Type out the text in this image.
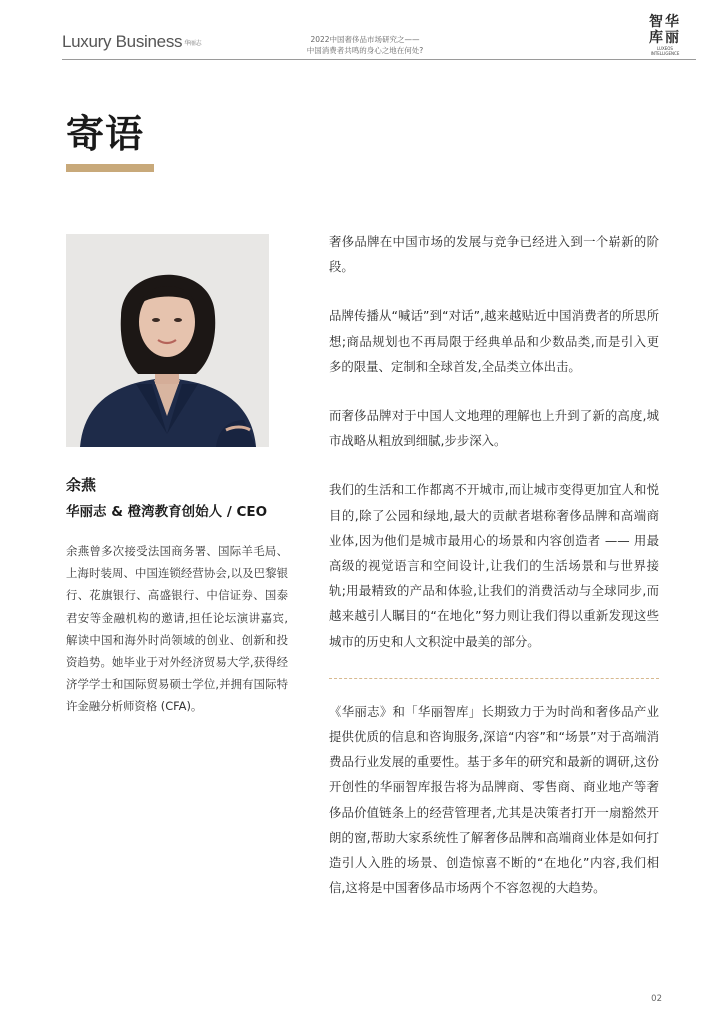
Luxury Business 华丽志
2022中国奢侈品市场研究之——
中国消费者共鸣的身心之地在何处?
智华
库丽
LUXEOS INTELLIGENCE
寄语
余燕
华丽志 & 橙湾教育创始人 / CEO
余燕曾多次接受法国商务署、国际羊毛局、上海时装周、中国连锁经营协会,以及巴黎银行、花旗银行、高盛银行、中信证券、国泰君安等金融机构的邀请,担任论坛演讲嘉宾,解读中国和海外时尚领域的创业、创新和投资趋势。她毕业于对外经济贸易大学,获得经济学学士和国际贸易硕士学位,并拥有国际特许金融分析师资格 (CFA)。

奢侈品牌在中国市场的发展与竞争已经进入到一个崭新的阶段。

品牌传播从“喊话”到“对话”,越来越贴近中国消费者的所思所想;商品规划也不再局限于经典单品和少数品类,而是引入更多的限量、定制和全球首发,全品类立体出击。

而奢侈品牌对于中国人文地理的理解也上升到了新的高度,城市战略从粗放到细腻,步步深入。

我们的生活和工作都离不开城市,而让城市变得更加宜人和悦目的,除了公园和绿地,最大的贡献者堪称奢侈品牌和高端商业体,因为他们是城市最用心的场景和内容创造者 —— 用最高级的视觉语言和空间设计,让我们的生活场景和与世界接轨;用最精致的产品和体验,让我们的消费活动与全球同步,而越来越引人瞩目的“在地化”努力则让我们得以重新发现这些城市的历史和人文积淀中最美的部分。

《华丽志》和「华丽智库」长期致力于为时尚和奢侈品产业提供优质的信息和咨询服务,深谙“内容”和“场景”对于高端消费品行业发展的重要性。基于多年的研究和最新的调研,这份开创性的华丽智库报告将为品牌商、零售商、商业地产等奢侈品价值链条上的经营管理者,尤其是决策者打开一扇豁然开朗的窗,帮助大家系统性了解奢侈品牌和高端商业体是如何打造引人入胜的场景、创造惊喜不断的“在地化”内容,我们相信,这将是中国奢侈品市场两个不容忽视的大趋势。

02
